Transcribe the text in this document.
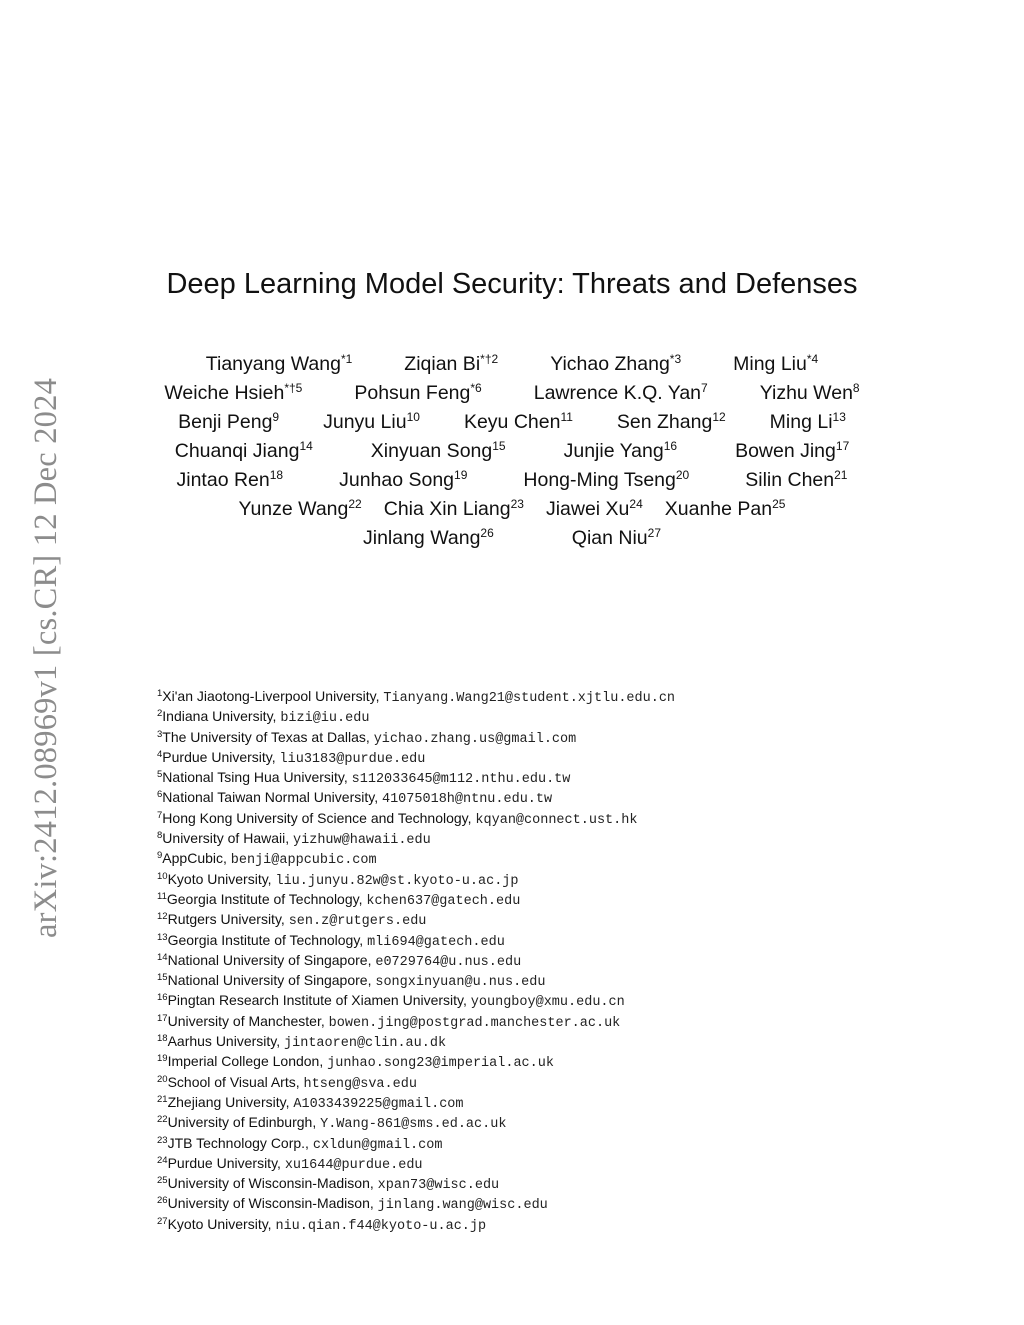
arXiv:2412.08969v1 [cs.CR] 12 Dec 2024
Deep Learning Model Security: Threats and Defenses
Tianyang Wang$^{*1}$	Ziqian Bi$^{*\dagger 2}$	Yichao Zhang$^{*3}$	Ming Liu$^{*4}$
Weiche Hsieh$^{*\dagger 5}$	Pohsun Feng$^{*6}$	Lawrence K.Q. Yan$^7$	Yizhu Wen$^8$
Benji Peng$^9$ Junyu Liu$^{10}$ Keyu Chen$^{11}$ Sen Zhang$^{12}$ Ming Li$^{13}$
Chuanqi Jiang$^{14}$	Xinyuan Song$^{15}$	Junjie Yang$^{16}$	Bowen Jing$^{17}$
Jintao Ren$^{18}$	Junhao Song$^{19}$	Hong-Ming Tseng$^{20}$	Silin Chen$^{21}$
Yunze Wang$^{22}$ Chia Xin Liang$^{23}$ Jiawei Xu$^{24}$ Xuanhe Pan$^{25}$
Jinlang Wang$^{26}$	Qian Niu$^{27}$
$^1$Xi'an Jiaotong-Liverpool University, Tianyang.Wang21@student.xjtlu.edu.cn
$^2$Indiana University, bizi@iu.edu
$^3$The University of Texas at Dallas, yichao.zhang.us@gmail.com
$^4$Purdue University, liu3183@purdue.edu
$^5$National Tsing Hua University, s112033645@m112.nthu.edu.tw
$^6$National Taiwan Normal University, 41075018h@ntnu.edu.tw
$^7$Hong Kong University of Science and Technology, kqyan@connect.ust.hk
$^8$University of Hawaii, yizhuw@hawaii.edu
$^9$AppCubic, benji@appcubic.com
$^{10}$Kyoto University, liu.junyu.82w@st.kyoto-u.ac.jp
$^{11}$Georgia Institute of Technology, kchen637@gatech.edu
$^{12}$Rutgers University, sen.z@rutgers.edu
$^{13}$Georgia Institute of Technology, mli694@gatech.edu
$^{14}$National University of Singapore, e0729764@u.nus.edu
$^{15}$National University of Singapore, songxinyuan@u.nus.edu
$^{16}$Pingtan Research Institute of Xiamen University, youngboy@xmu.edu.cn
$^{17}$University of Manchester, bowen.jing@postgrad.manchester.ac.uk
$^{18}$Aarhus University, jintaoren@clin.au.dk
$^{19}$Imperial College London, junhao.song23@imperial.ac.uk
$^{20}$School of Visual Arts, htseng@sva.edu
$^{21}$Zhejiang University, A1033439225@gmail.com
$^{22}$University of Edinburgh, Y.Wang-861@sms.ed.ac.uk
$^{23}$JTB Technology Corp., cxldun@gmail.com
$^{24}$Purdue University, xu1644@purdue.edu
$^{25}$University of Wisconsin-Madison, xpan73@wisc.edu
$^{26}$University of Wisconsin-Madison, jinlang.wang@wisc.edu
$^{27}$Kyoto University, niu.qian.f44@kyoto-u.ac.jp
